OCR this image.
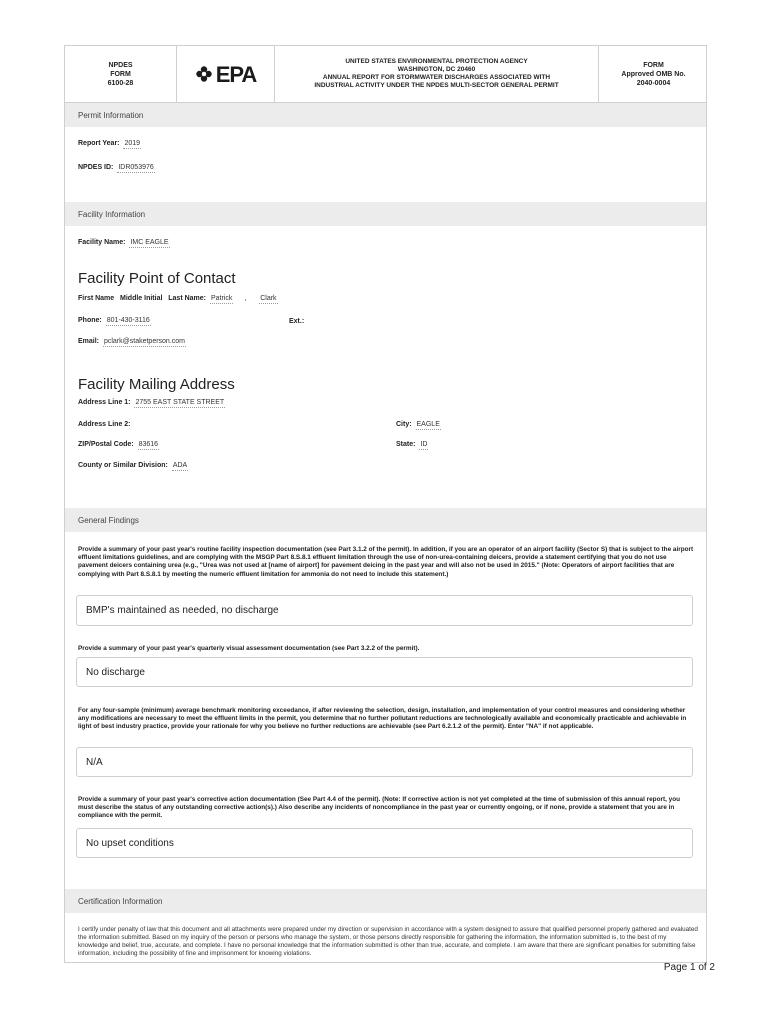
NPDES
FORM
6100-28	EPA	UNITED STATES ENVIRONMENTAL PROTECTION AGENCY
WASHINGTON, DC 20460
ANNUAL REPORT FOR STORMWATER DISCHARGES ASSOCIATED WITH
INDUSTRIAL ACTIVITY UNDER THE NPDES MULTI-SECTOR GENERAL PERMIT
FORM
Approved OMB No.
2040-0004
Permit Information
Report Year: 2019
NPDES ID: IDR053976
Facility Information
Facility Name: IMC EAGLE
Facility Point of Contact
First Name Middle Initial Last Name: Patrick , Clark
Phone: 801-430-3116	Ext.:
Email: pclark@staketperson.com
Facility Mailing Address
Address Line 1: 2755 EAST STATE STREET
Address Line 2:	City: EAGLE
ZIP/Postal Code: 83616	State: ID
County or Similar Division: ADA
General Findings
Provide a summary of your past year's routine facility inspection documentation (see Part 3.1.2 of the permit). In addition, if you are an operator of an airport facility (Sector S) that is subject to the airport effluent limitations guidelines, and are complying with the MSGP Part 8.S.8.1 effluent limitation through the use of non-urea-containing deicers, provide a statement certifying that you do not use pavement deicers containing urea (e.g., "Urea was not used at [name of airport] for pavement deicing in the past year and will also not be used in 2015." (Note: Operators of airport facilities that are complying with Part 8.S.8.1 by meeting the numeric effluent limitation for ammonia do not need to include this statement.)
BMP's maintained as needed, no discharge
Provide a summary of your past year's quarterly visual assessment documentation (see Part 3.2.2 of the permit).
No discharge
For any four-sample (minimum) average benchmark monitoring exceedance, if after reviewing the selection, design, installation, and implementation of your control measures and considering whether any modifications are necessary to meet the effluent limits in the permit, you determine that no further pollutant reductions are technologically available and economically practicable and achievable in light of best industry practice, provide your rationale for why you believe no further reductions are achievable (see Part 6.2.1.2 of the permit). Enter "NA" if not applicable.
N/A
Provide a summary of your past year's corrective action documentation (See Part 4.4 of the permit). (Note: If corrective action is not yet completed at the time of submission of this annual report, you must describe the status of any outstanding corrective action(s).) Also describe any incidents of noncompliance in the past year or currently ongoing, or if none, provide a statement that you are in compliance with the permit.
No upset conditions
Certification Information
I certify under penalty of law that this document and all attachments were prepared under my direction or supervision in accordance with a system designed to assure that qualified personnel properly gathered and evaluated the information submitted. Based on my inquiry of the person or persons who manage the system, or those persons directly responsible for gathering the information, the information submitted is, to the best of my knowledge and belief, true, accurate, and complete. I have no personal knowledge that the information submitted is other than true, accurate, and complete. I am aware that there are significant penalties for submitting false information, including the possibility of fine and imprisonment for knowing violations.
Page 1 of 2
